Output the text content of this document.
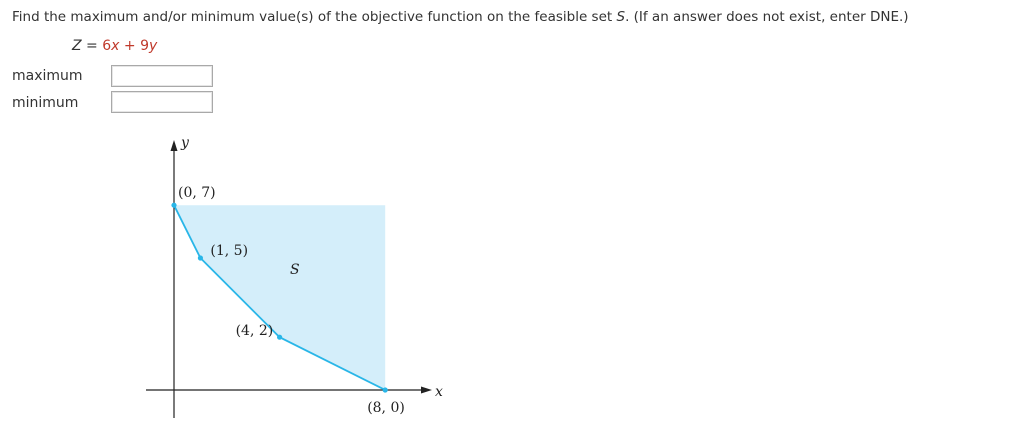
Find the maximum and/or minimum value(s) of the objective function on the feasible set S. (If an answer does not exist, enter DNE.)
Z = 6x + 9y
maximum
minimum
x
y
(0, 7)
(1, 5)
(4, 2)
(8, 0)
S
